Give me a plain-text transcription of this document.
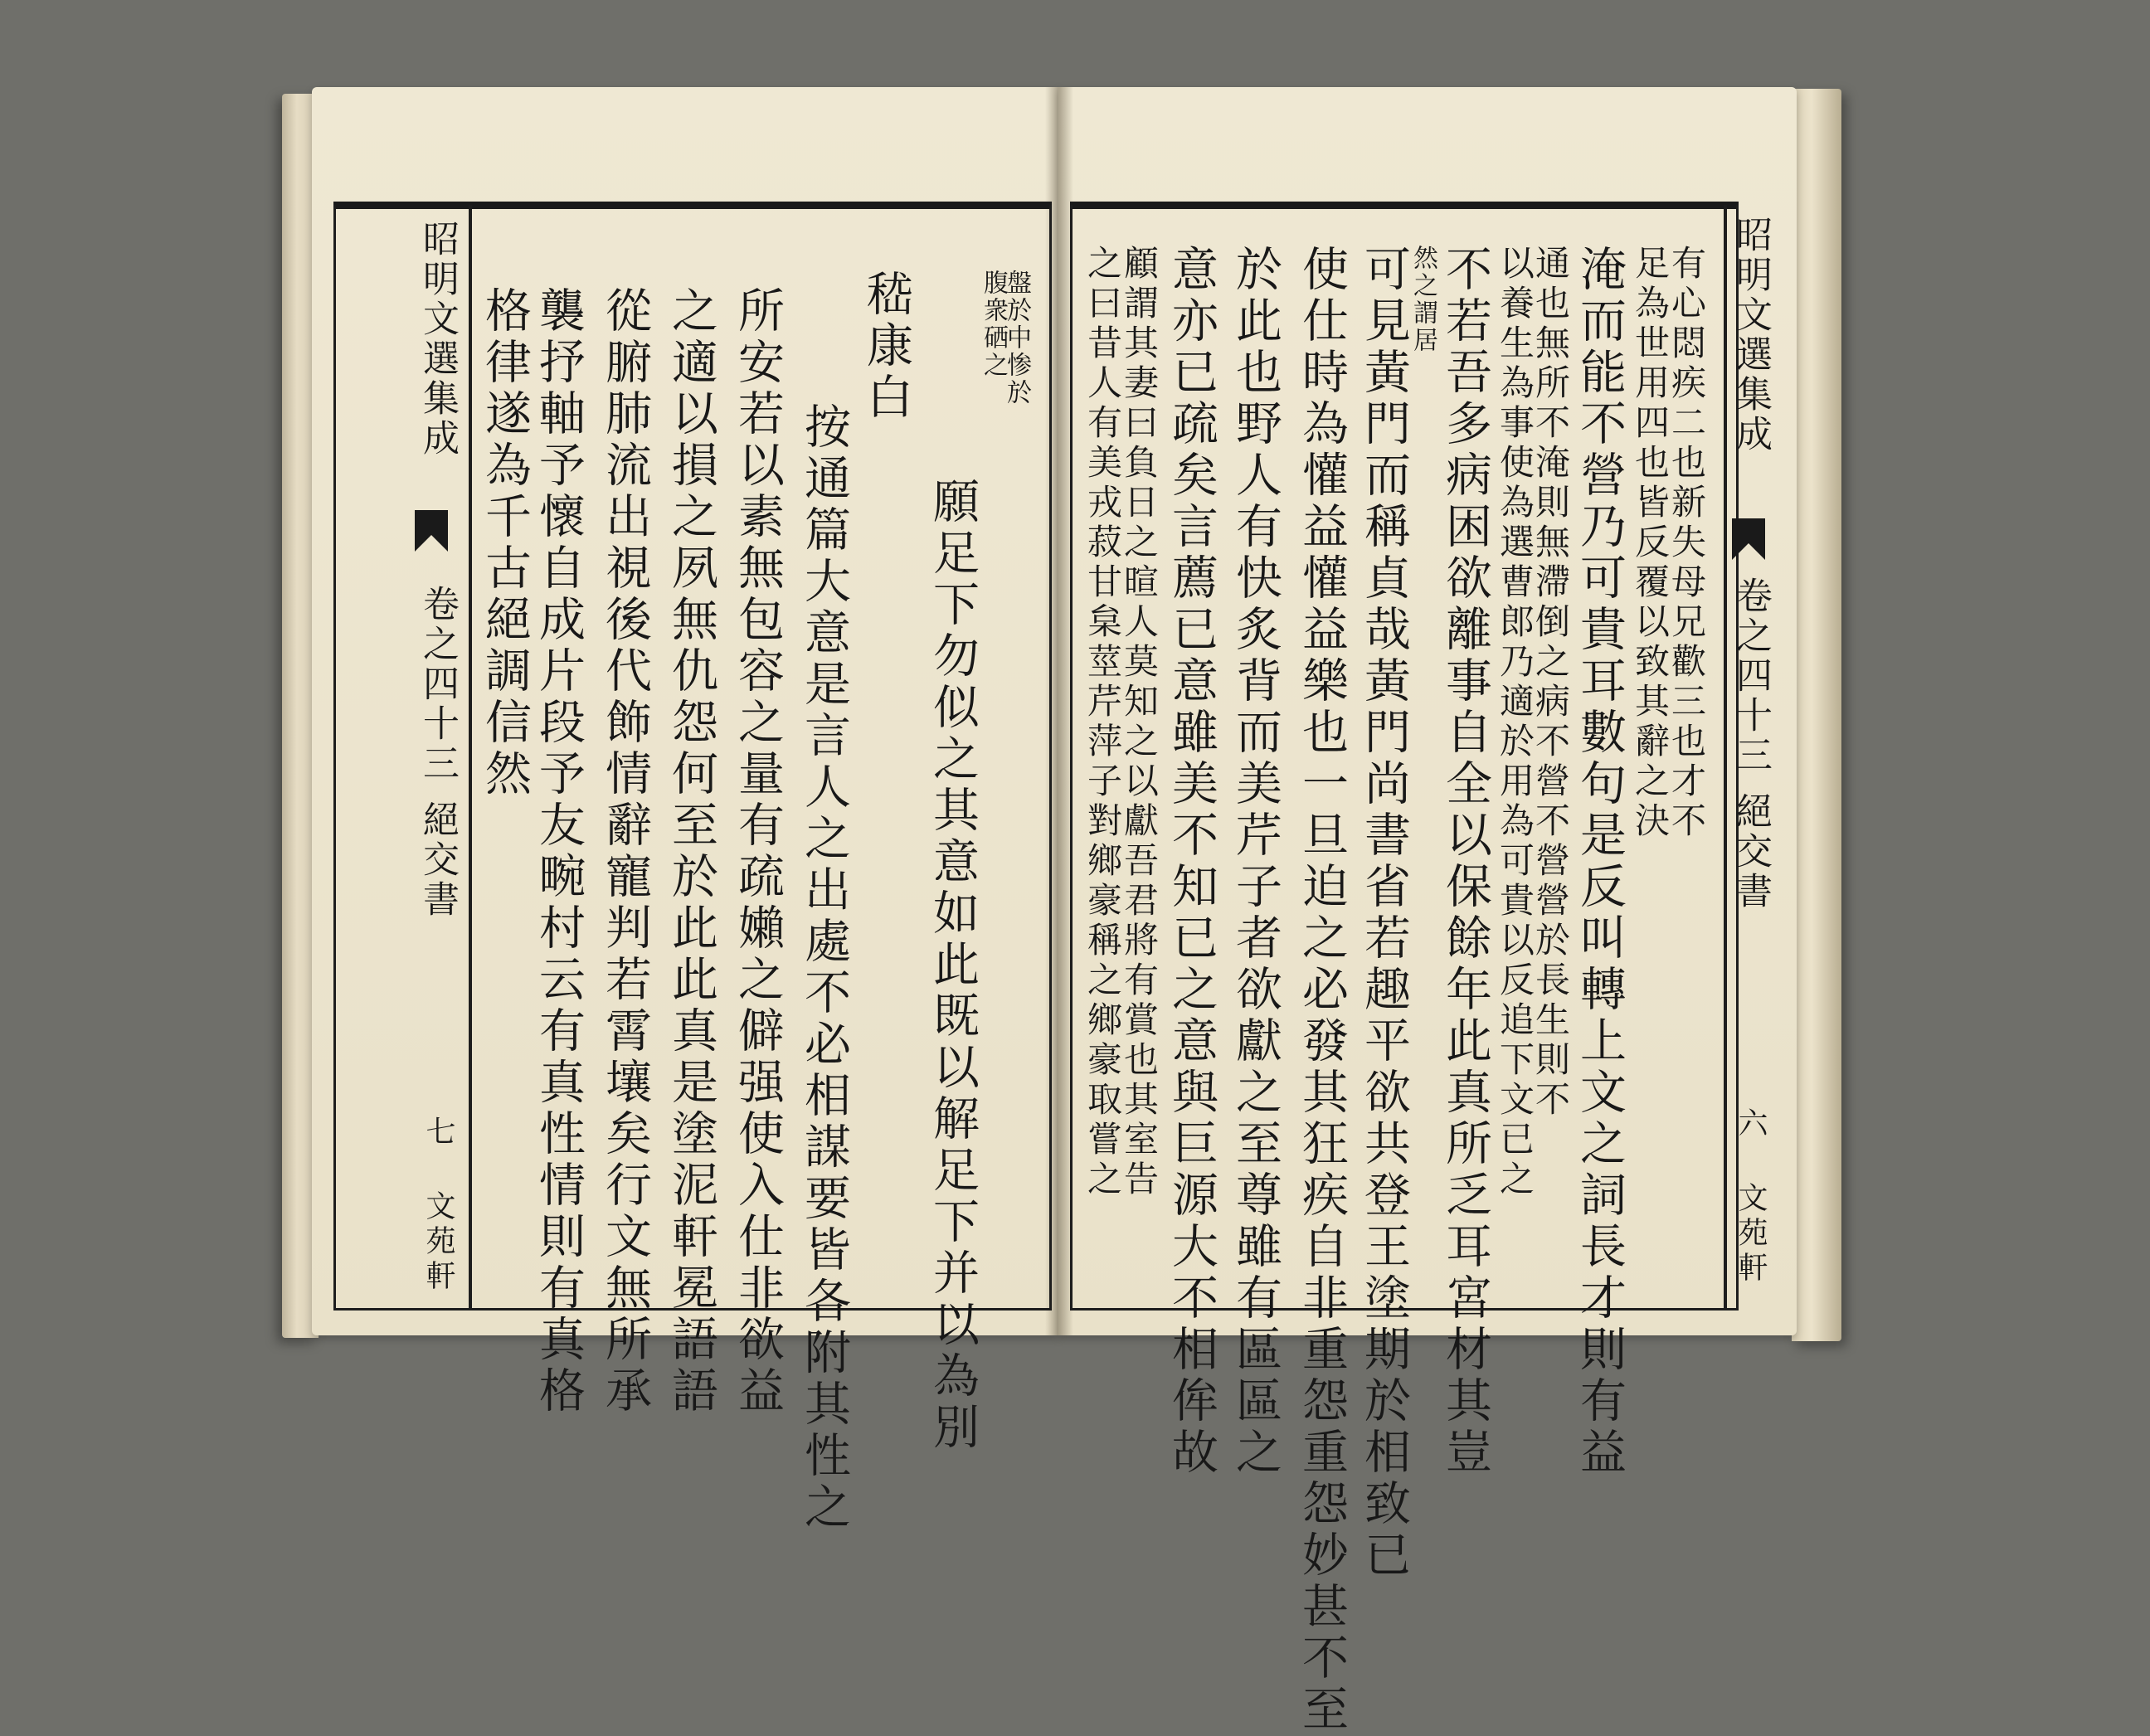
昭明文選集成
卷之四十三
絕交書
七
文苑軒
盤於中惨於
腹衆硒之
願足下勿似之其意如此既以解足下并以為別
嵇康白
按通篇大意是言人之出處不必相謀要皆各附其性之
所安若以素無包容之量有疏嬾之僻强使入仕非欲益
之適以損之夙無仇怨何至於此此真是塗泥軒冕語語
從腑肺流出視後代飾情辭寵判若霄壤矣行文無所承
襲抒軸予懷自成片段予友畹村云有真性情則有真格
格律遂為千古絕調信然	有心悶疾二也新失母兄歡三也才不
足為世用四也皆反覆以致其辭之決
淹而能不營乃可貴耳數句是反叫轉上文之詞長才則有益
通也無所不淹則無滯倒之病不營不營營於長生則不
以養生為事使為選曹郎乃適於用為可貴以反追下文已之
不若吾多病困欲離事自全以保餘年此真所乏耳宮材其豈
然之謂居
可見黃門而稱貞哉黃門尚書省若趣平欲共登王塗期於相致已
使仕時為懽益懽益樂也一旦迫之必發其狂疾自非重怨重怨妙甚不至
於此也野人有快炙背而美芹子者欲獻之至尊雖有區區之
意亦已疏矣言薦已意雖美不知已之意與巨源大不相侔故
顧謂其妻曰負日之暄人莫知之以獻吾君將有賞也其室告
之曰昔人有美戎菽甘枲莖芹萍子對鄉豪稱之鄉豪取嘗之	昭明文選集成
卷之四十三
絕交書
六
文苑軒
